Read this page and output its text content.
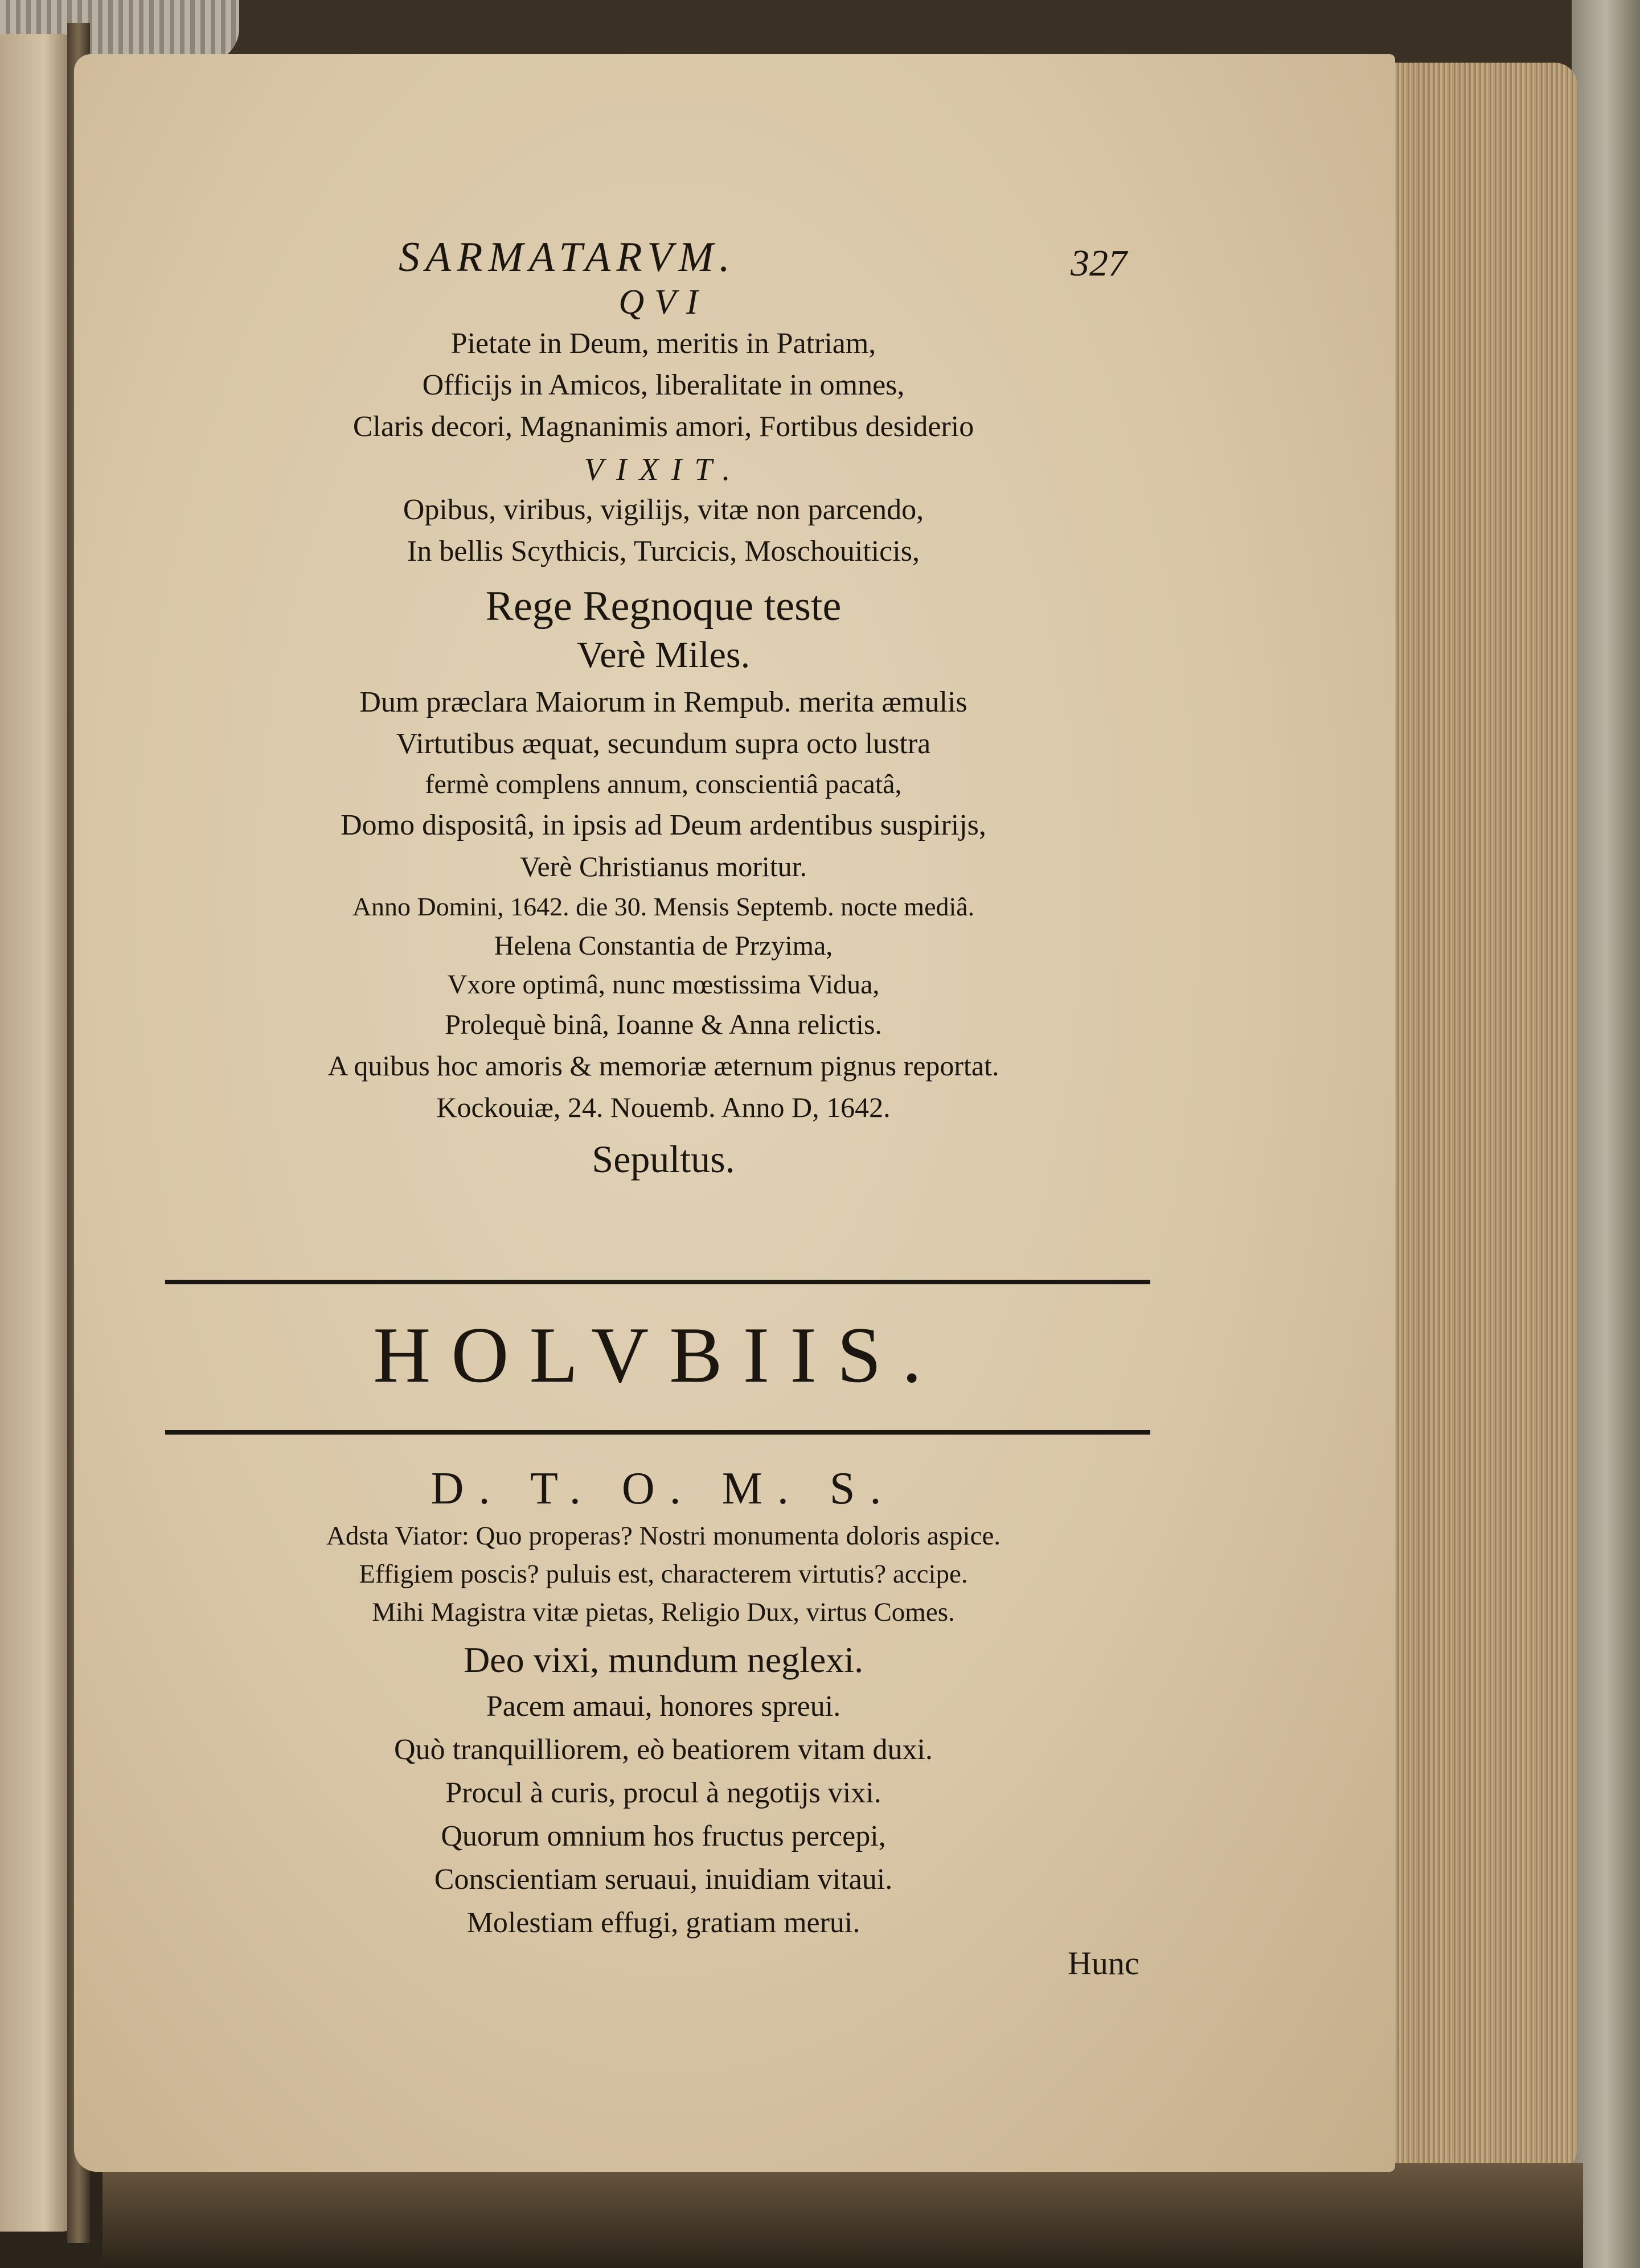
SARMATARVM.	327
QVI
Pietate in Deum, meritis in Patriam,
Officijs in Amicos, liberalitate in omnes,
Claris decori, Magnanimis amori, Fortibus desiderio
VIXIT.
Opibus, viribus, vigilijs, vitæ non parcendo,
In bellis Scythicis, Turcicis, Moschouiticis,
Rege Regnoque teste
Verè Miles.
Dum præclara Maiorum in Rempub. merita æmulis
Virtutibus æquat, secundum supra octo lustra
fermè complens annum, conscientiâ pacatâ,
Domo dispositâ, in ipsis ad Deum ardentibus suspirijs,
Verè Christianus moritur.
Anno Domini, 1642. die 30. Mensis Septemb. nocte mediâ.
Helena Constantia de Przyima,
Vxore optimâ, nunc mœstissima Vidua,
Prolequè binâ, Ioanne & Anna relictis.
A quibus hoc amoris & memoriæ æternum pignus reportat.
Kockouiæ, 24. Nouemb. Anno D, 1642.
Sepultus.
HOLVBIIS.
D. T. O. M. S.
Adsta Viator: Quo properas? Nostri monumenta doloris aspice.
Effigiem poscis? puluis est, characterem virtutis? accipe.
Mihi Magistra vitæ pietas, Religio Dux, virtus Comes.
Deo vixi, mundum neglexi.
Pacem amaui, honores spreui.
Quò tranquilliorem, eò beatiorem vitam duxi.
Procul à curis, procul à negotijs vixi.
Quorum omnium hos fructus percepi,
Conscientiam seruaui, inuidiam vitaui.
Molestiam effugi, gratiam merui.
Hunc
